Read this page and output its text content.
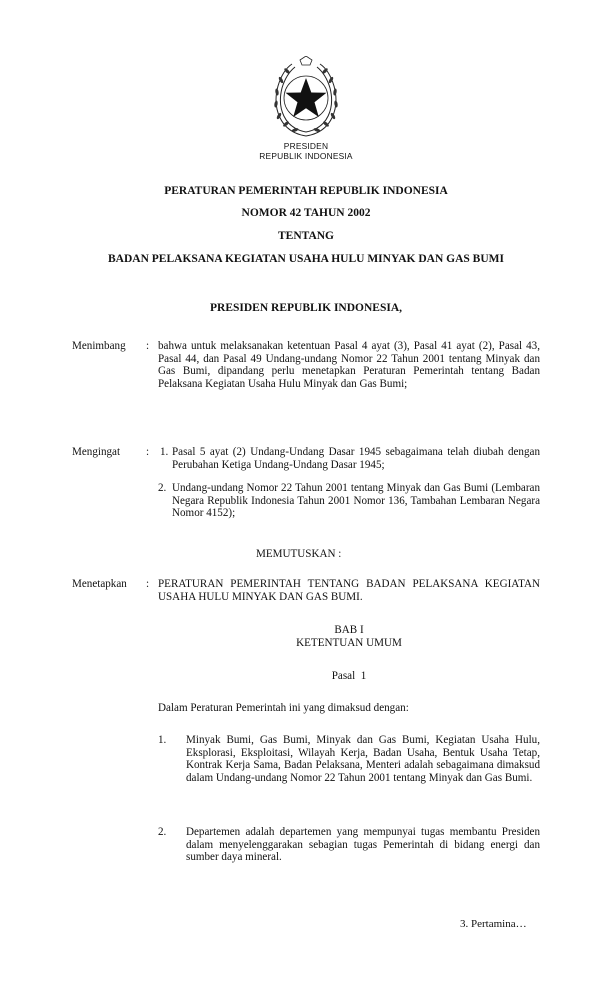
PRESIDEN
REPUBLIK INDONESIA
PERATURAN PEMERINTAH REPUBLIK INDONESIA
NOMOR 42 TAHUN 2002
TENTANG
BADAN PELAKSANA KEGIATAN USAHA HULU MINYAK DAN GAS BUMI
PRESIDEN REPUBLIK INDONESIA,
Menimbang : bahwa untuk melaksanakan ketentuan Pasal 4 ayat (3), Pasal 41 ayat (2), Pasal 43, Pasal 44, dan Pasal 49 Undang-undang Nomor 22 Tahun 2001 tentang Minyak dan Gas Bumi, dipandang perlu menetapkan Peraturan Pemerintah tentang Badan Pelaksana Kegiatan Usaha Hulu Minyak dan Gas Bumi;
Mengingat : 1. Pasal 5 ayat (2) Undang-Undang Dasar 1945 sebagaimana telah diubah dengan Perubahan Ketiga Undang-Undang Dasar 1945;
2. Undang-undang Nomor 22 Tahun 2001 tentang Minyak dan Gas Bumi (Lembaran Negara Republik Indonesia Tahun 2001 Nomor 136, Tambahan Lembaran Negara Nomor 4152);
MEMUTUSKAN :
Menetapkan : PERATURAN PEMERINTAH TENTANG BADAN PELAKSANA KEGIATAN USAHA HULU MINYAK DAN GAS BUMI.
BAB I
KETENTUAN UMUM
Pasal  1
Dalam Peraturan Pemerintah ini yang dimaksud dengan:
1. Minyak Bumi, Gas Bumi, Minyak dan Gas Bumi, Kegiatan Usaha Hulu, Eksplorasi, Eksploitasi, Wilayah Kerja, Badan Usaha, Bentuk Usaha Tetap, Kontrak Kerja Sama, Badan Pelaksana, Menteri adalah sebagaimana dimaksud dalam Undang-undang Nomor 22 Tahun 2001 tentang Minyak dan Gas Bumi.
2. Departemen adalah departemen yang mempunyai tugas membantu Presiden dalam menyelenggarakan sebagian tugas Pemerintah di bidang energi dan sumber daya mineral.
3. Pertamina…
